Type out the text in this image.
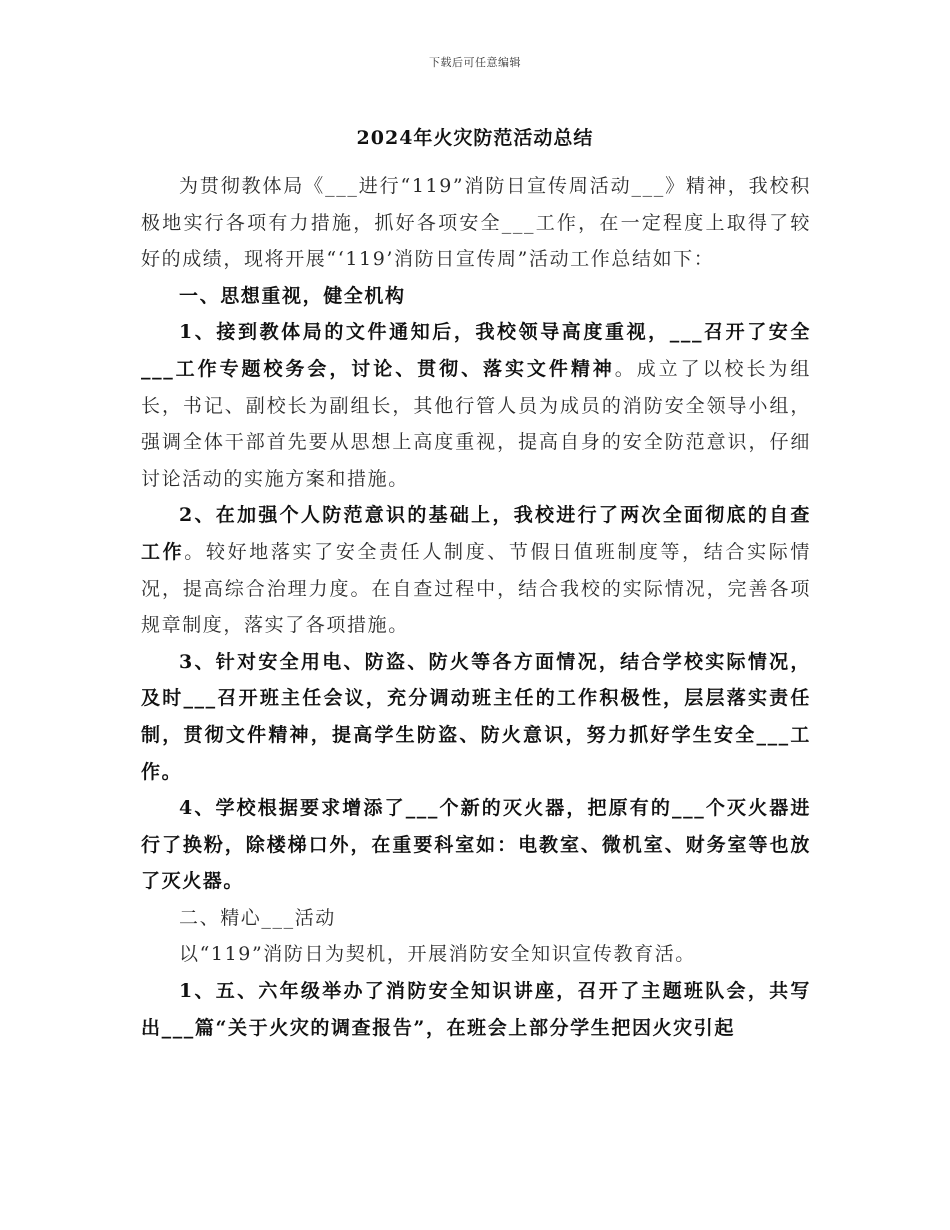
下载后可任意编辑
2024年火灾防范活动总结

为贯彻教体局《___进行“119”消防日宣传周活动___》精神，我校积极地实行各项有力措施，抓好各项安全___工作，在一定程度上取得了较好的成绩，现将开展“‘119’消防日宣传周”活动工作总结如下：

一、思想重视，健全机构

1、接到教体局的文件通知后，我校领导高度重视，___召开了安全___工作专题校务会，讨论、贯彻、落实文件精神。成立了以校长为组长，书记、副校长为副组长，其他行管人员为成员的消防安全领导小组，强调全体干部首先要从思想上高度重视，提高自身的安全防范意识，仔细讨论活动的实施方案和措施。

2、在加强个人防范意识的基础上，我校进行了两次全面彻底的自查工作。较好地落实了安全责任人制度、节假日值班制度等，结合实际情况，提高综合治理力度。在自查过程中，结合我校的实际情况，完善各项规章制度，落实了各项措施。

3、针对安全用电、防盗、防火等各方面情况，结合学校实际情况，及时___召开班主任会议，充分调动班主任的工作积极性，层层落实责任制，贯彻文件精神，提高学生防盗、防火意识，努力抓好学生安全___工作。

4、学校根据要求增添了___个新的灭火器，把原有的___个灭火器进行了换粉，除楼梯口外，在重要科室如：电教室、微机室、财务室等也放了灭火器。

二、精心___活动

以“119”消防日为契机，开展消防安全知识宣传教育活。

1、五、六年级举办了消防安全知识讲座，召开了主题班队会，共写出___篇“关于火灾的调查报告”，在班会上部分学生把因火灾引起
